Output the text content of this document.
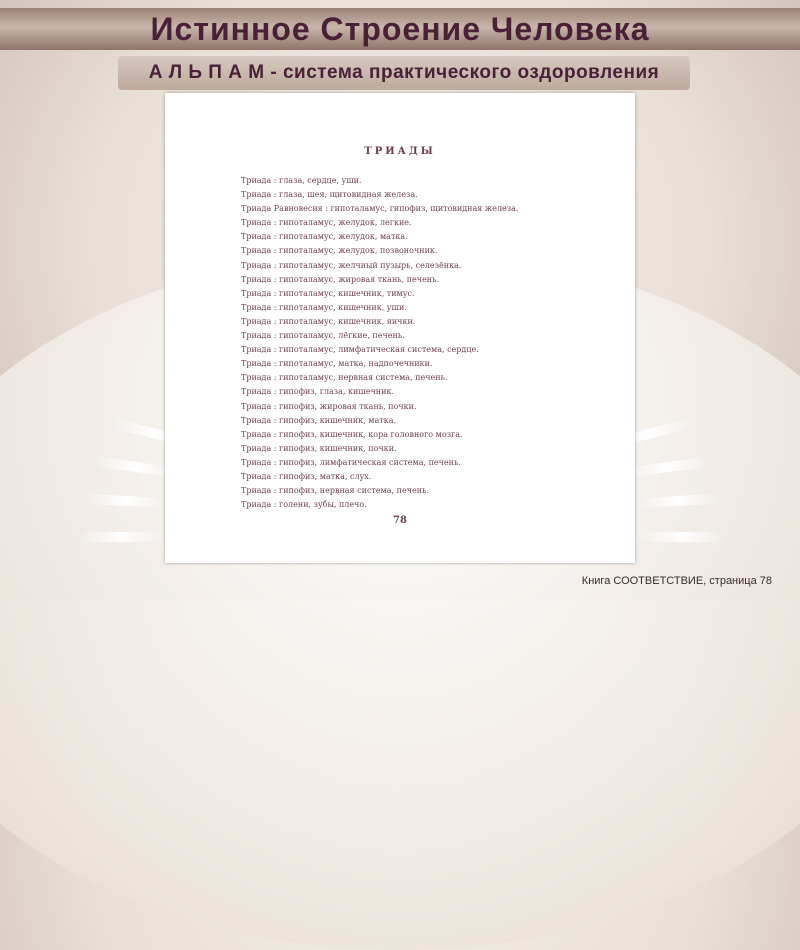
Истинное Строение Человека
А Л Ь П А М - система практического оздоровления
ТРИАДЫ
Триада : глаза, сердце, уши.
Триада : глаза, шея, щитовидная железа.
Триада Равновесия : гипоталамус, гипофиз, щитовидная железа.
Триада : гипоталамус, желудок, легкие.
Триада : гипоталамус, желудок, матка.
Триада : гипоталамус, желудок, позвоночник.
Триада : гипоталамус, желчный пузырь, селезёнка.
Триада : гипоталамус, жировая ткань, печень.
Триада : гипоталамус, кишечник, тимус.
Триада : гипоталамус, кишечник, уши.
Триада : гипоталамус, кишечник, яички.
Триада : гипоталамус, лёгкие, печень.
Триада : гипоталамус, лимфатическая система, сердце.
Триада : гипоталамус, матка, надпочечники.
Триада : гипоталамус, нервная система, печень.
Триада : гипофиз, глаза, кишечник.
Триада : гипофиз, жировая ткань, почки.
Триада : гипофиз, кишечник, матка.
Триада : гипофиз, кишечник, кора головного мозга.
Триада : гипофиз, кишечник, почки.
Триада : гипофиз, лимфатическая система, печень.
Триада : гипофиз, матка, слух.
Триада : гипофиз, нервная система, печень.
Триада : голени, зубы, плечо.
78
Книга СООТВЕТСТВИЕ, страница 78
